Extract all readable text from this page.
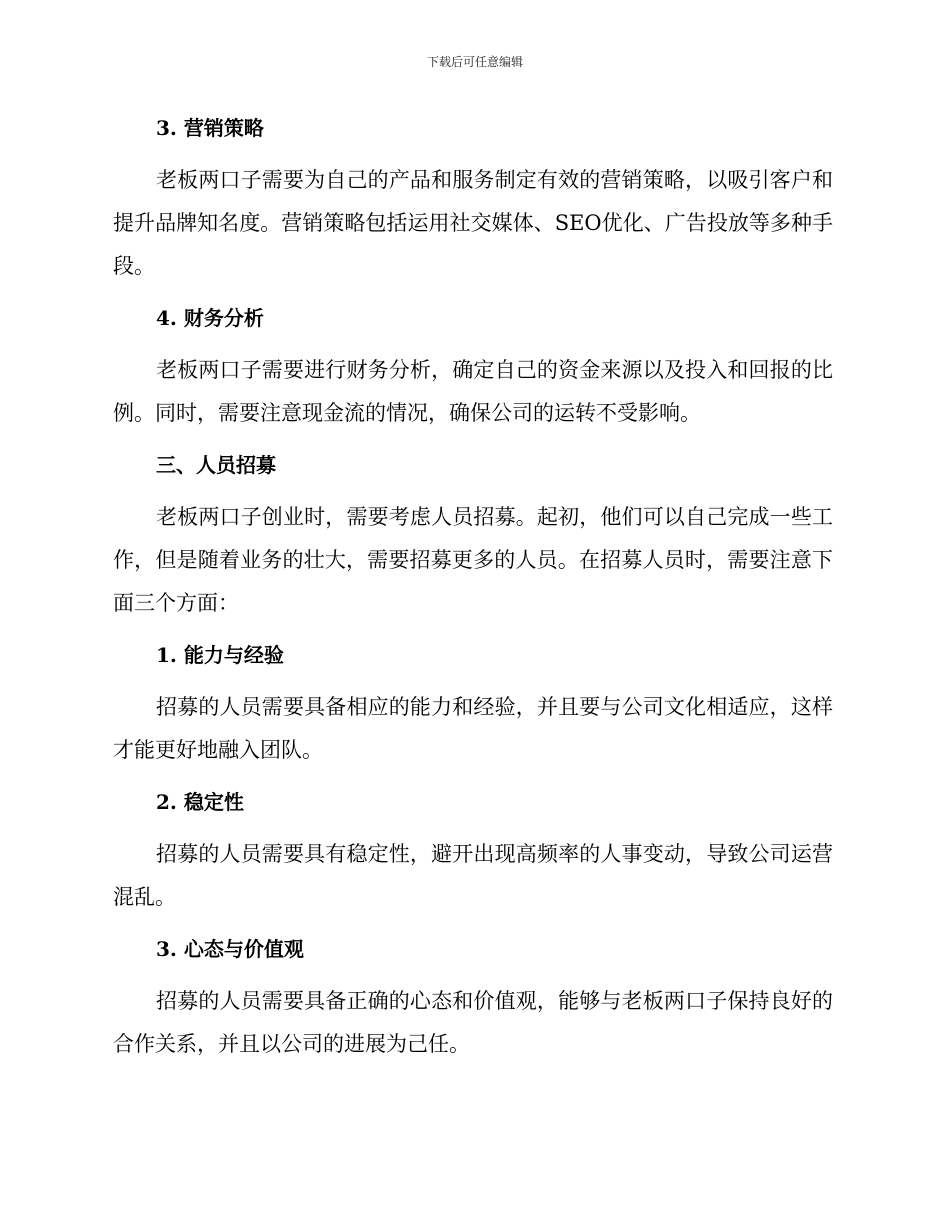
下载后可任意编辑
3. 营销策略

老板两口子需要为自己的产品和服务制定有效的营销策略，以吸引客户和提升品牌知名度。营销策略包括运用社交媒体、SEO优化、广告投放等多种手段。

4. 财务分析

老板两口子需要进行财务分析，确定自己的资金来源以及投入和回报的比例。同时，需要注意现金流的情况，确保公司的运转不受影响。

三、人员招募

老板两口子创业时，需要考虑人员招募。起初，他们可以自己完成一些工作，但是随着业务的壮大，需要招募更多的人员。在招募人员时，需要注意下面三个方面：

1. 能力与经验

招募的人员需要具备相应的能力和经验，并且要与公司文化相适应，这样才能更好地融入团队。

2. 稳定性

招募的人员需要具有稳定性，避开出现高频率的人事变动，导致公司运营混乱。

3. 心态与价值观

招募的人员需要具备正确的心态和价值观，能够与老板两口子保持良好的合作关系，并且以公司的进展为己任。
